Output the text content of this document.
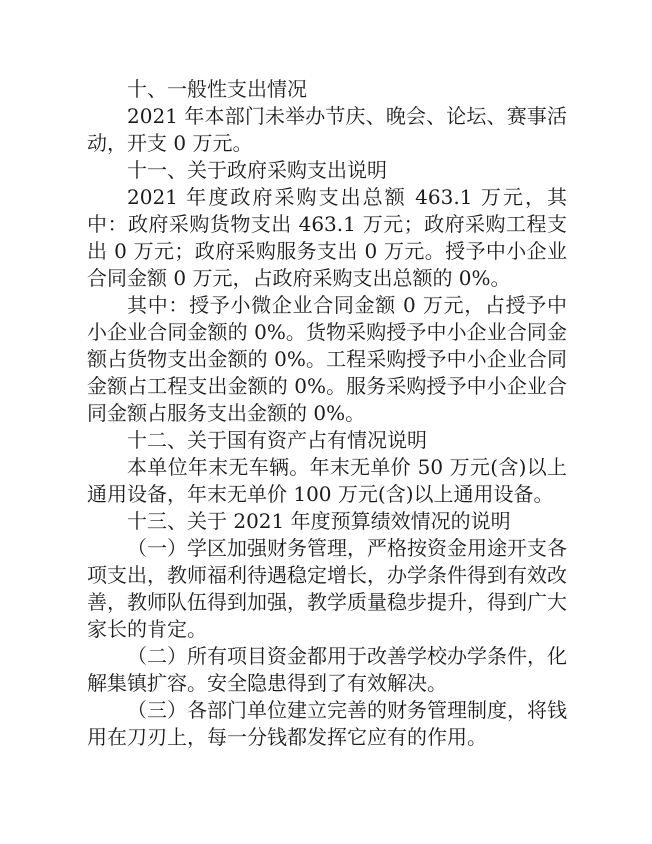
十、一般性支出情况
2021 年本部门未举办节庆、晚会、论坛、赛事活动，开支 0 万元。
十一、关于政府采购支出说明
2021 年度政府采购支出总额 463.1 万元，其中：政府采购货物支出 463.1 万元；政府采购工程支出 0 万元；政府采购服务支出 0 万元。授予中小企业合同金额 0 万元，占政府采购支出总额的 0%。
其中：授予小微企业合同金额 0 万元，占授予中小企业合同金额的 0%。货物采购授予中小企业合同金额占货物支出金额的 0%。工程采购授予中小企业合同金额占工程支出金额的 0%。服务采购授予中小企业合同金额占服务支出金额的 0%。
十二、关于国有资产占有情况说明
本单位年末无车辆。年末无单价 50 万元(含)以上通用设备，年末无单价 100 万元(含)以上通用设备。
十三、关于 2021 年度预算绩效情况的说明
（一）学区加强财务管理，严格按资金用途开支各项支出，教师福利待遇稳定增长，办学条件得到有效改善，教师队伍得到加强，教学质量稳步提升，得到广大家长的肯定。
（二）所有项目资金都用于改善学校办学条件，化解集镇扩容。安全隐患得到了有效解决。
（三）各部门单位建立完善的财务管理制度，将钱用在刀刃上，每一分钱都发挥它应有的作用。
